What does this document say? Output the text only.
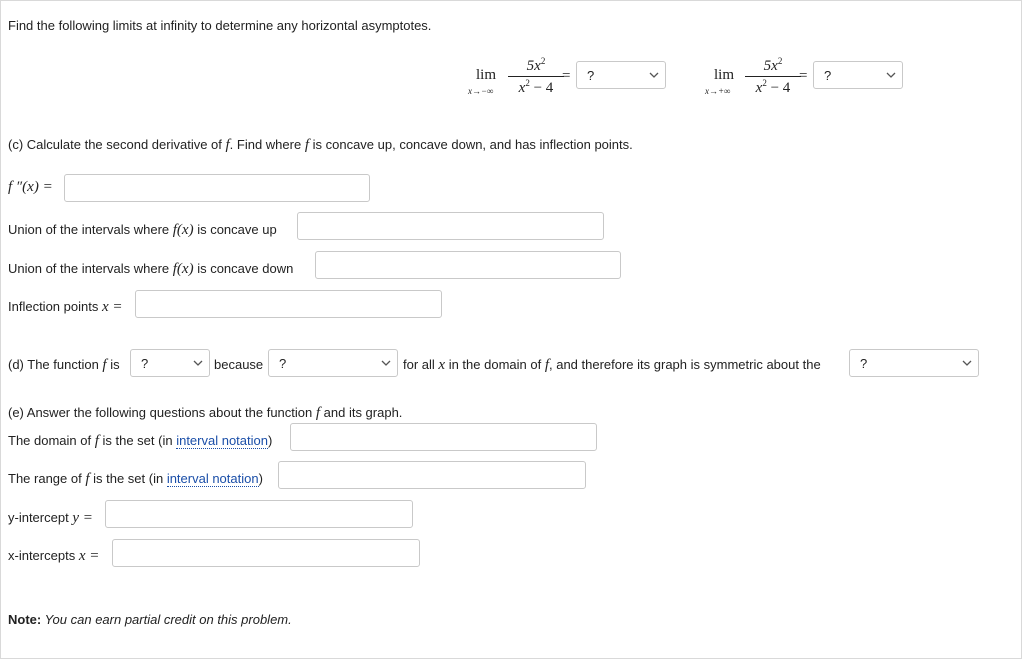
Find the following limits at infinity to determine any horizontal asymptotes.
lim
x→−∞
$5x^2$
$x^2 - 4$
= ?	lim
x→+∞
$5x^2$
$x^2 - 4$
= ?
(c) Calculate the second derivative of f. Find where f is concave up, concave down, and has inflection points.
f ″(x) =
Union of the intervals where f(x) is concave up
Union of the intervals where f(x) is concave down
Inflection points x =
(d) The function f is ?	because ?	for all x in the domain of f, and therefore its graph is symmetric about the	?
(e) Answer the following questions about the function f and its graph.
The domain of f is the set (in interval notation)
The range of f is the set (in interval notation)
y-intercept y =
x-intercepts x =
Note: You can earn partial credit on this problem.
